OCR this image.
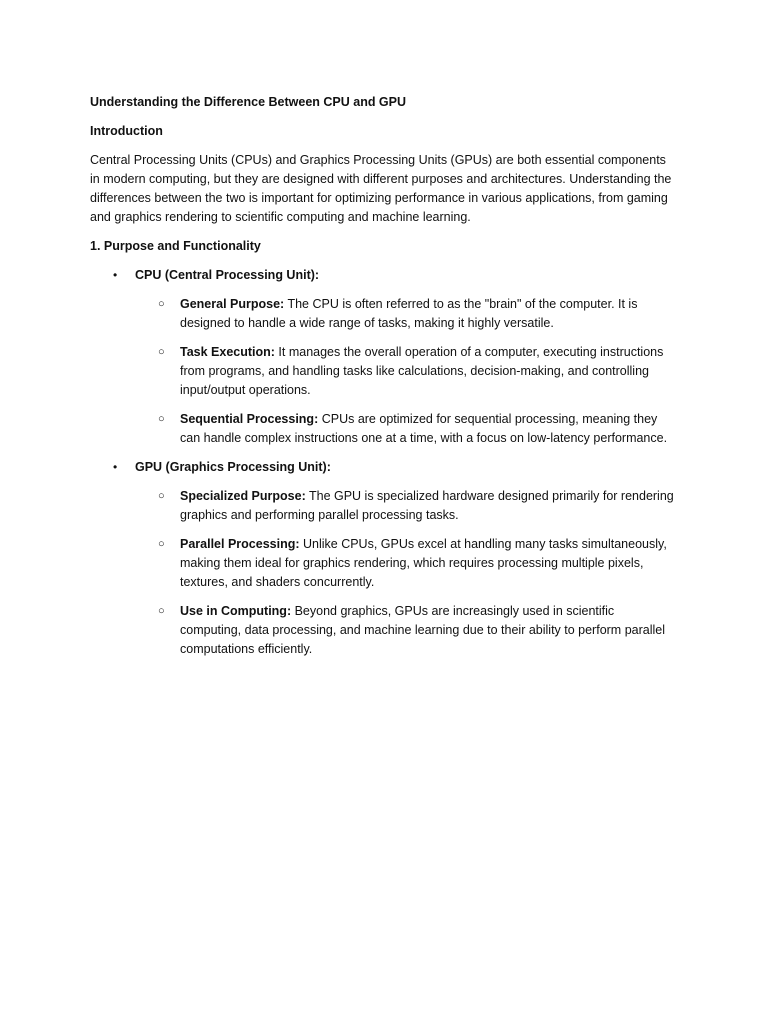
Understanding the Difference Between CPU and GPU
Introduction

Central Processing Units (CPUs) and Graphics Processing Units (GPUs) are both essential components in modern computing, but they are designed with different purposes and architectures. Understanding the differences between the two is important for optimizing performance in various applications, from gaming and graphics rendering to scientific computing and machine learning.

1. Purpose and Functionality
• CPU (Central Processing Unit):
○ General Purpose: The CPU is often referred to as the "brain" of the computer. It is designed to handle a wide range of tasks, making it highly versatile.
○ Task Execution: It manages the overall operation of a computer, executing instructions from programs, and handling tasks like calculations, decision-making, and controlling input/output operations.
○ Sequential Processing: CPUs are optimized for sequential processing, meaning they can handle complex instructions one at a time, with a focus on low-latency performance.
• GPU (Graphics Processing Unit):
○ Specialized Purpose: The GPU is specialized hardware designed primarily for rendering graphics and performing parallel processing tasks.
○ Parallel Processing: Unlike CPUs, GPUs excel at handling many tasks simultaneously, making them ideal for graphics rendering, which requires processing multiple pixels, textures, and shaders concurrently.
○ Use in Computing: Beyond graphics, GPUs are increasingly used in scientific computing, data processing, and machine learning due to their ability to perform parallel computations efficiently.
